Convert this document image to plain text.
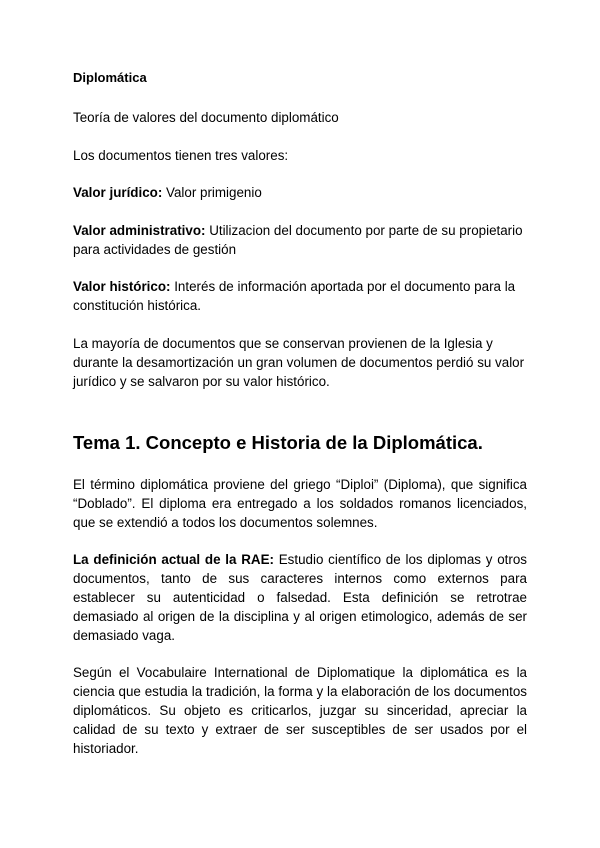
Diplomática

Teoría de valores del documento diplomático

Los documentos tienen tres valores:

Valor jurídico: Valor primigenio

Valor administrativo: Utilizacion del documento por parte de su propietario para actividades de gestión

Valor histórico: Interés de información aportada por el documento para la constitución histórica.

La mayoría de documentos que se conservan provienen de la Iglesia y durante la desamortización un gran volumen de documentos perdió su valor jurídico y se salvaron por su valor histórico.

Tema 1. Concepto e Historia de la Diplomática.

El término diplomática proviene del griego “Diploi” (Diploma), que significa “Doblado”. El diploma era entregado a los soldados romanos licenciados, que se extendió a todos los documentos solemnes.

La definición actual de la RAE: Estudio científico de los diplomas y otros documentos, tanto de sus caracteres internos como externos para establecer su autenticidad o falsedad. Esta definición se retrotrae demasiado al origen de la disciplina y al origen etimologico, además de ser demasiado vaga.

Según el Vocabulaire International de Diplomatique la diplomática es la ciencia que estudia la tradición, la forma y la elaboración de los documentos diplomáticos. Su objeto es criticarlos, juzgar su sinceridad, apreciar la calidad de su texto y extraer de ser susceptibles de ser usados por el historiador.
